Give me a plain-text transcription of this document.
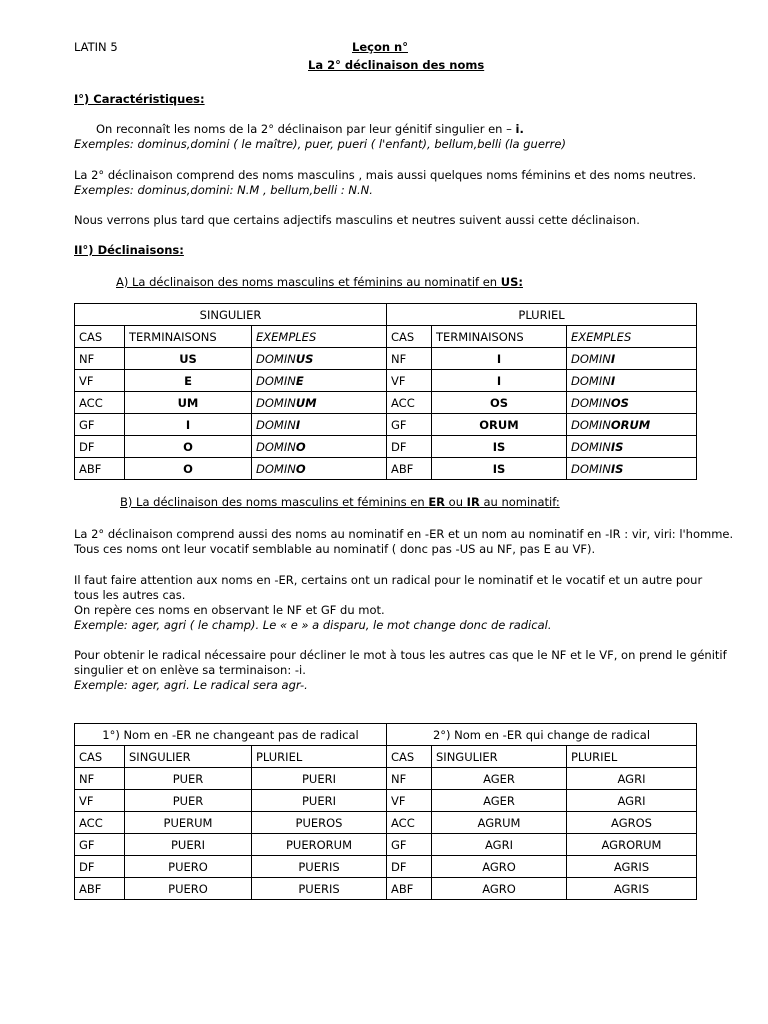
LATIN 5	Leçon n°
La 2° déclinaison des noms
I°) Caractéristiques:

On reconnaît les noms de la 2° déclinaison par leur génitif singulier en – i.

Exemples: dominus,domini ( le maître), puer, pueri ( l'enfant), bellum,belli (la guerre)

La 2° déclinaison comprend des noms masculins , mais aussi quelques noms féminins et des noms neutres.

Exemples: dominus,domini: N.M , bellum,belli : N.N.

Nous verrons plus tard que certains adjectifs masculins et neutres suivent aussi cette déclinaison.

II°) Déclinaisons:
A) La déclinaison des noms masculins et féminins au nominatif en US:
SINGULIER			PLURIEL		
CAS	TERMINAISONS	EXEMPLES	CAS	TERMINAISONS	EXEMPLES
NF	US	DOMINUS	NF	I	DOMINI
VF	E	DOMINE	VF	I	DOMINI
ACC	UM	DOMINUM	ACC	OS	DOMINOS
GF	I	DOMINI	GF	ORUM	DOMINORUM
DF	O	DOMINO	DF	IS	DOMINIS
ABF	O	DOMINO	ABF	IS	DOMINIS
B) La déclinaison des noms masculins et féminins en ER ou IR au nominatif:

La 2° déclinaison comprend aussi des noms au nominatif en -ER et un nom au nominatif en -IR : vir, viri: l'homme.

Tous ces noms ont leur vocatif semblable au nominatif ( donc pas -US au NF, pas E au VF).

Il faut faire attention aux noms en -ER, certains ont un radical pour le nominatif et le vocatif et un autre pour

tous les autres cas.

On repère ces noms en observant le NF et GF du mot.

Exemple: ager, agri ( le champ). Le « e » a disparu, le mot change donc de radical.

Pour obtenir le radical nécessaire pour décliner le mot à tous les autres cas que le NF et le VF, on prend le génitif

singulier et on enlève sa terminaison: -i.

Exemple: ager, agri. Le radical sera agr-.

1°) Nom en -ER ne changeant pas de radical			2°) Nom en -ER qui change de radical		
CAS	SINGULIER	PLURIEL	CAS	SINGULIER	PLURIEL
NF	PUER	PUERI	NF	AGER	AGRI
VF	PUER	PUERI	VF	AGER	AGRI
ACC	PUERUM	PUEROS	ACC	AGRUM	AGROS
GF	PUERI	PUERORUM	GF	AGRI	AGRORUM
DF	PUERO	PUERIS	DF	AGRO	AGRIS
ABF	PUERO	PUERIS	ABF	AGRO	AGRIS
